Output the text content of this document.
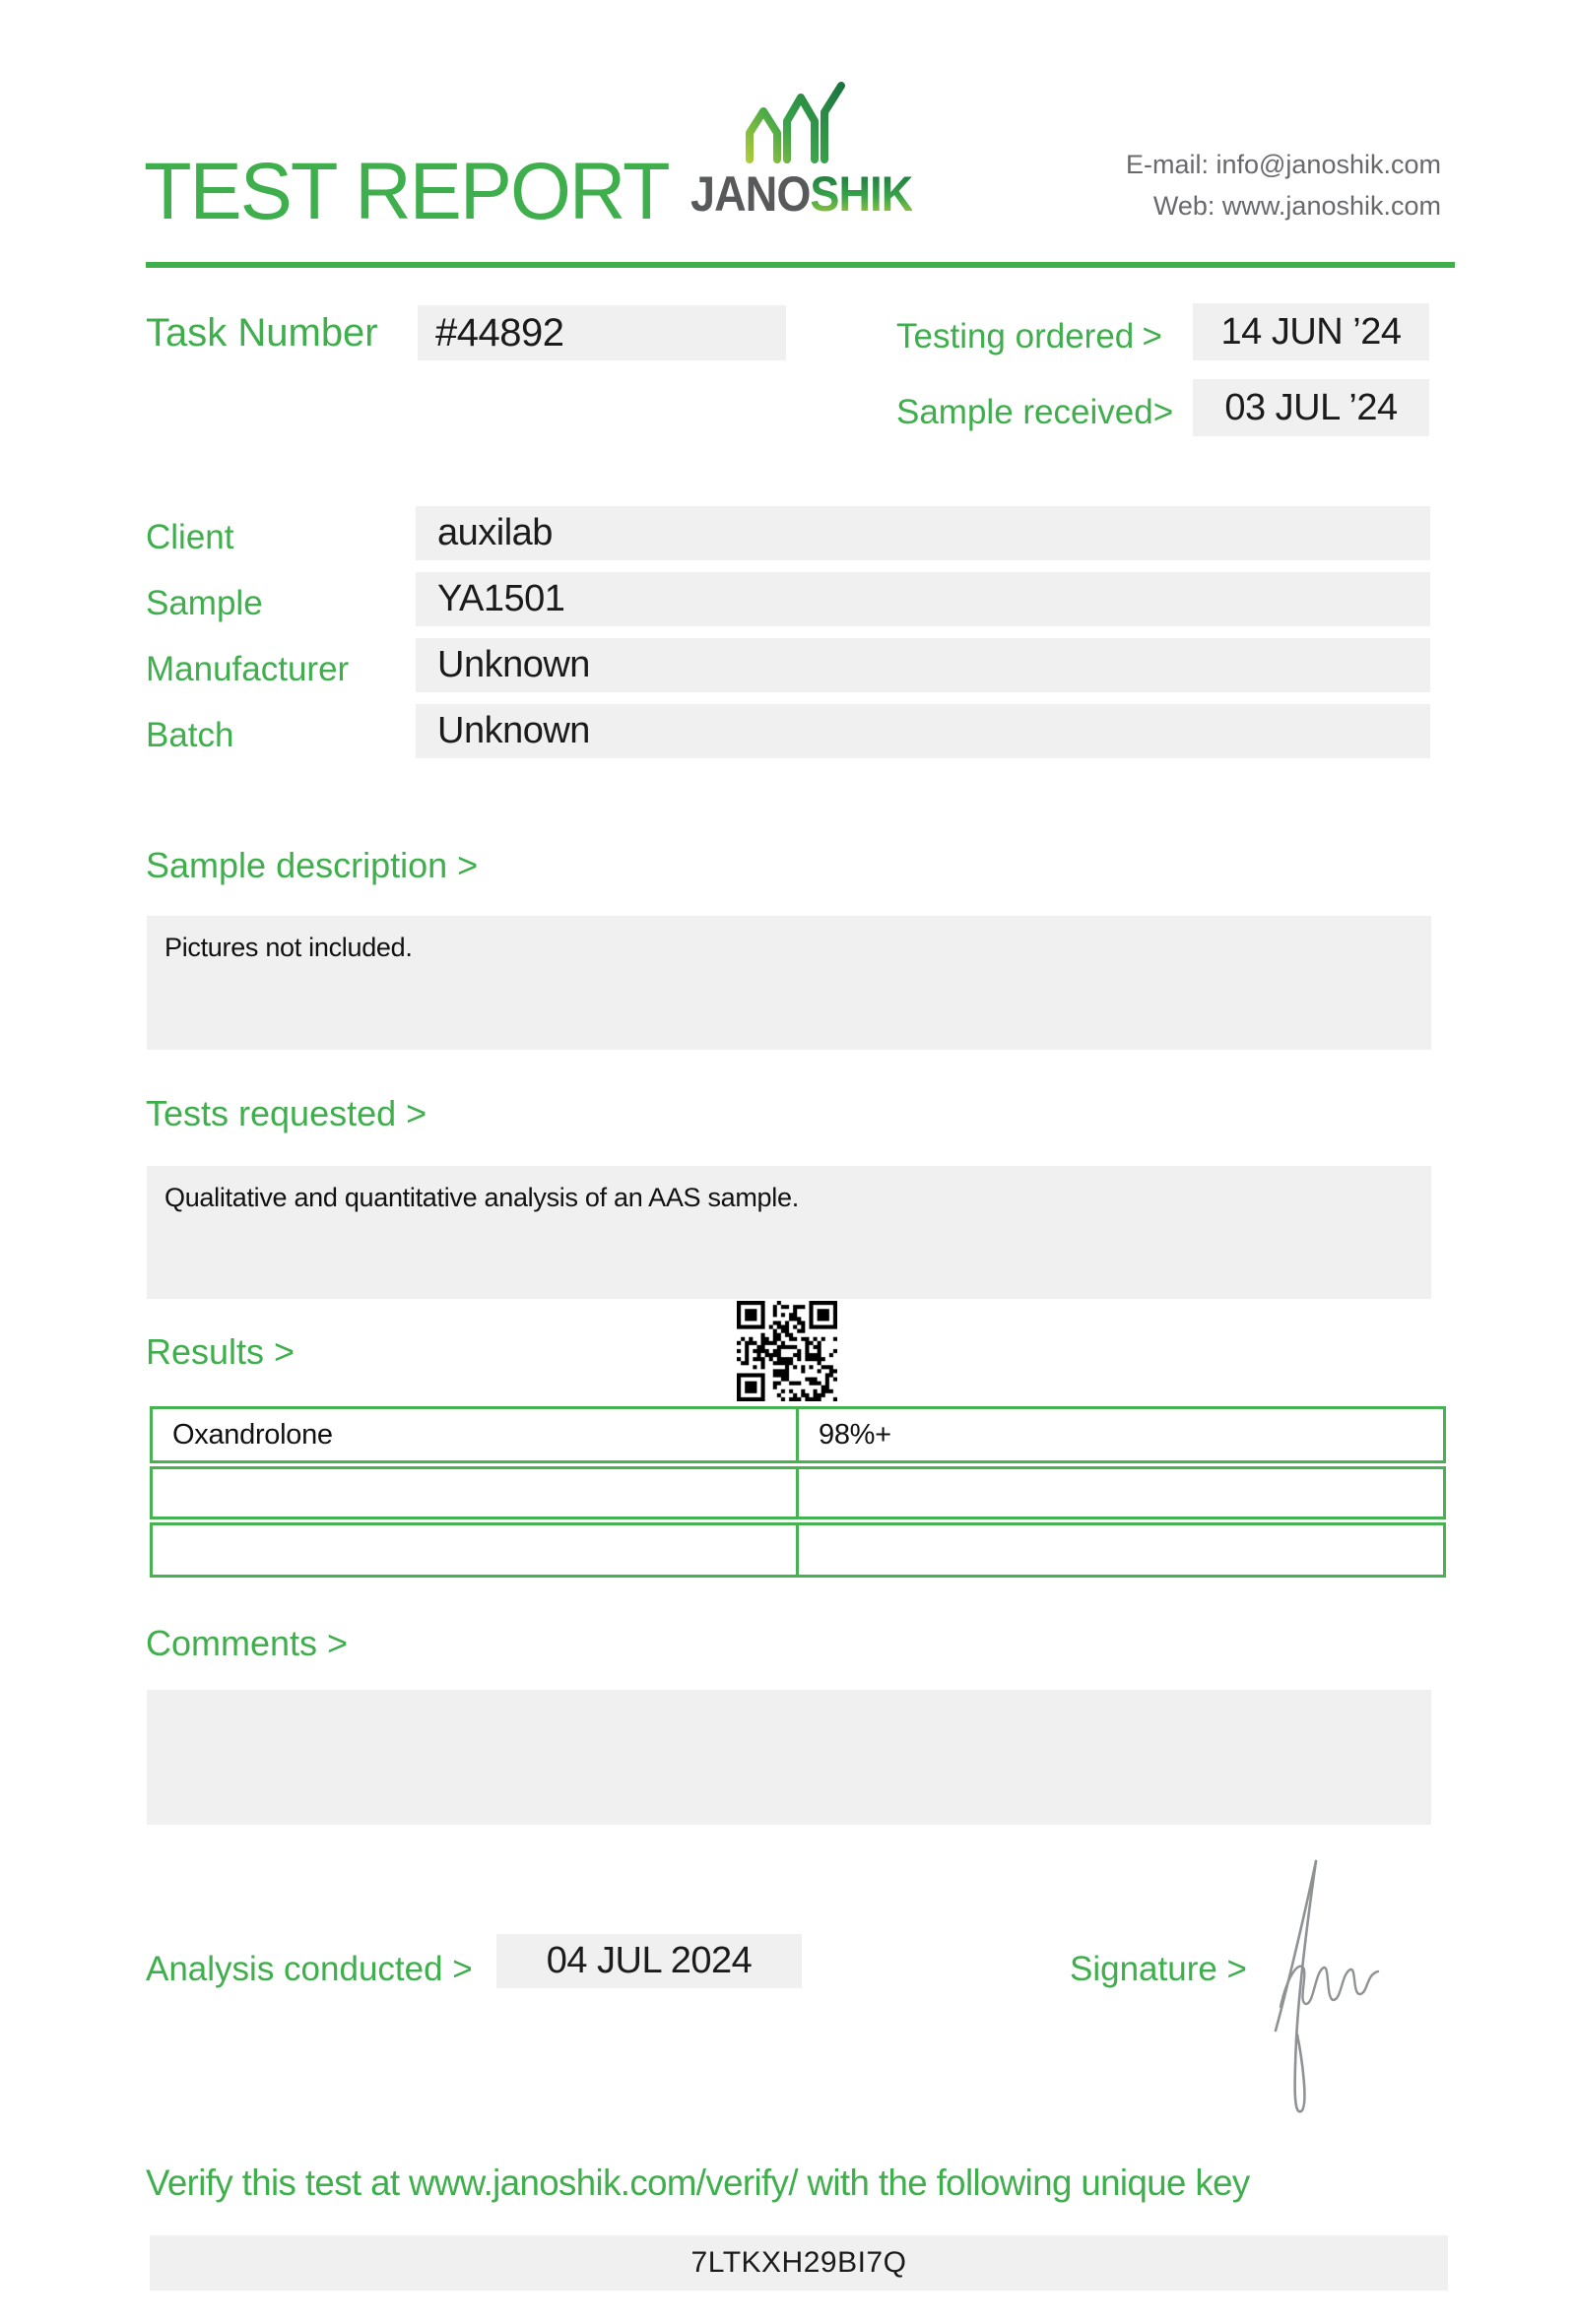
TEST REPORT JANOSHIK
E-mail: info@janoshik.com
Web: www.janoshik.com
Task Number	#44892	Testing ordered >	14 JUN ’24
Sample received >	03 JUL ’24
Client	auxilab
Sample	YA1501
Manufacturer	Unknown
Batch	Unknown
Sample description >
Pictures not included.
Tests requested >
Qualitative and quantitative analysis of an AAS sample.
Results >
Oxandrolone	98%+
Comments >
Analysis conducted >	04 JUL 2024	Signature >
Verify this test at www.janoshik.com/verify/ with the following unique key
7LTKXH29BI7Q
